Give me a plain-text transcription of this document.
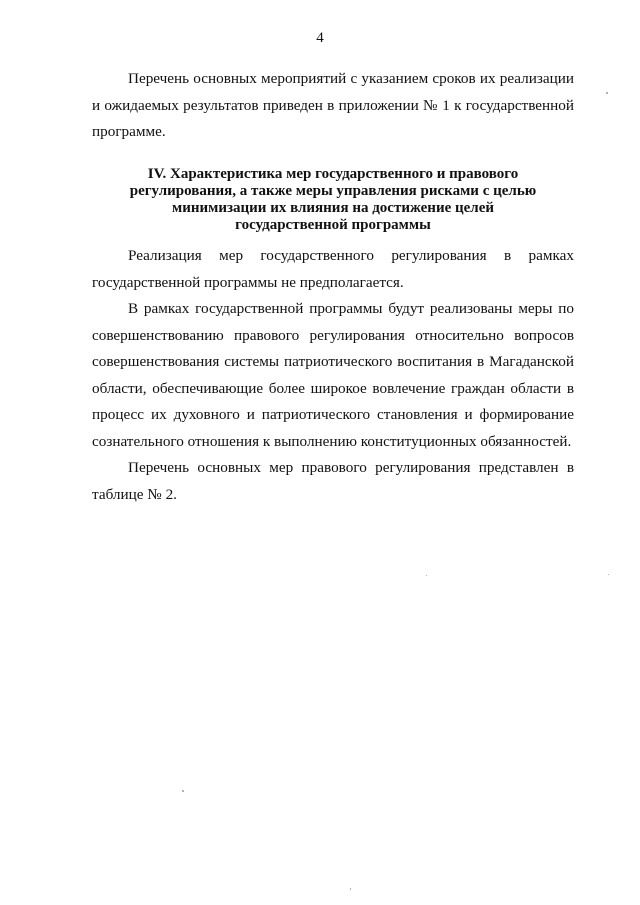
4

Перечень основных мероприятий с указанием сроков их реализации и ожидаемых результатов приведен в приложении № 1 к государственной программе.

IV. Характеристика мер государственного и правового
регулирования, а также меры управления рисками с целью
минимизации их влияния на достижение целей
государственной программы

Реализация мер государственного регулирования в рамках государственной программы не предполагается.

В рамках государственной программы будут реализованы меры по совершенствованию правового регулирования относительно вопросов совершенствования системы патриотического воспитания в Магаданской области, обеспечивающие более широкое вовлечение граждан области в процесс их духовного и патриотического становления и формирование сознательного отношения к выполнению конституционных обязанностей.

Перечень основных мер правового регулирования представлен в таблице № 2.
